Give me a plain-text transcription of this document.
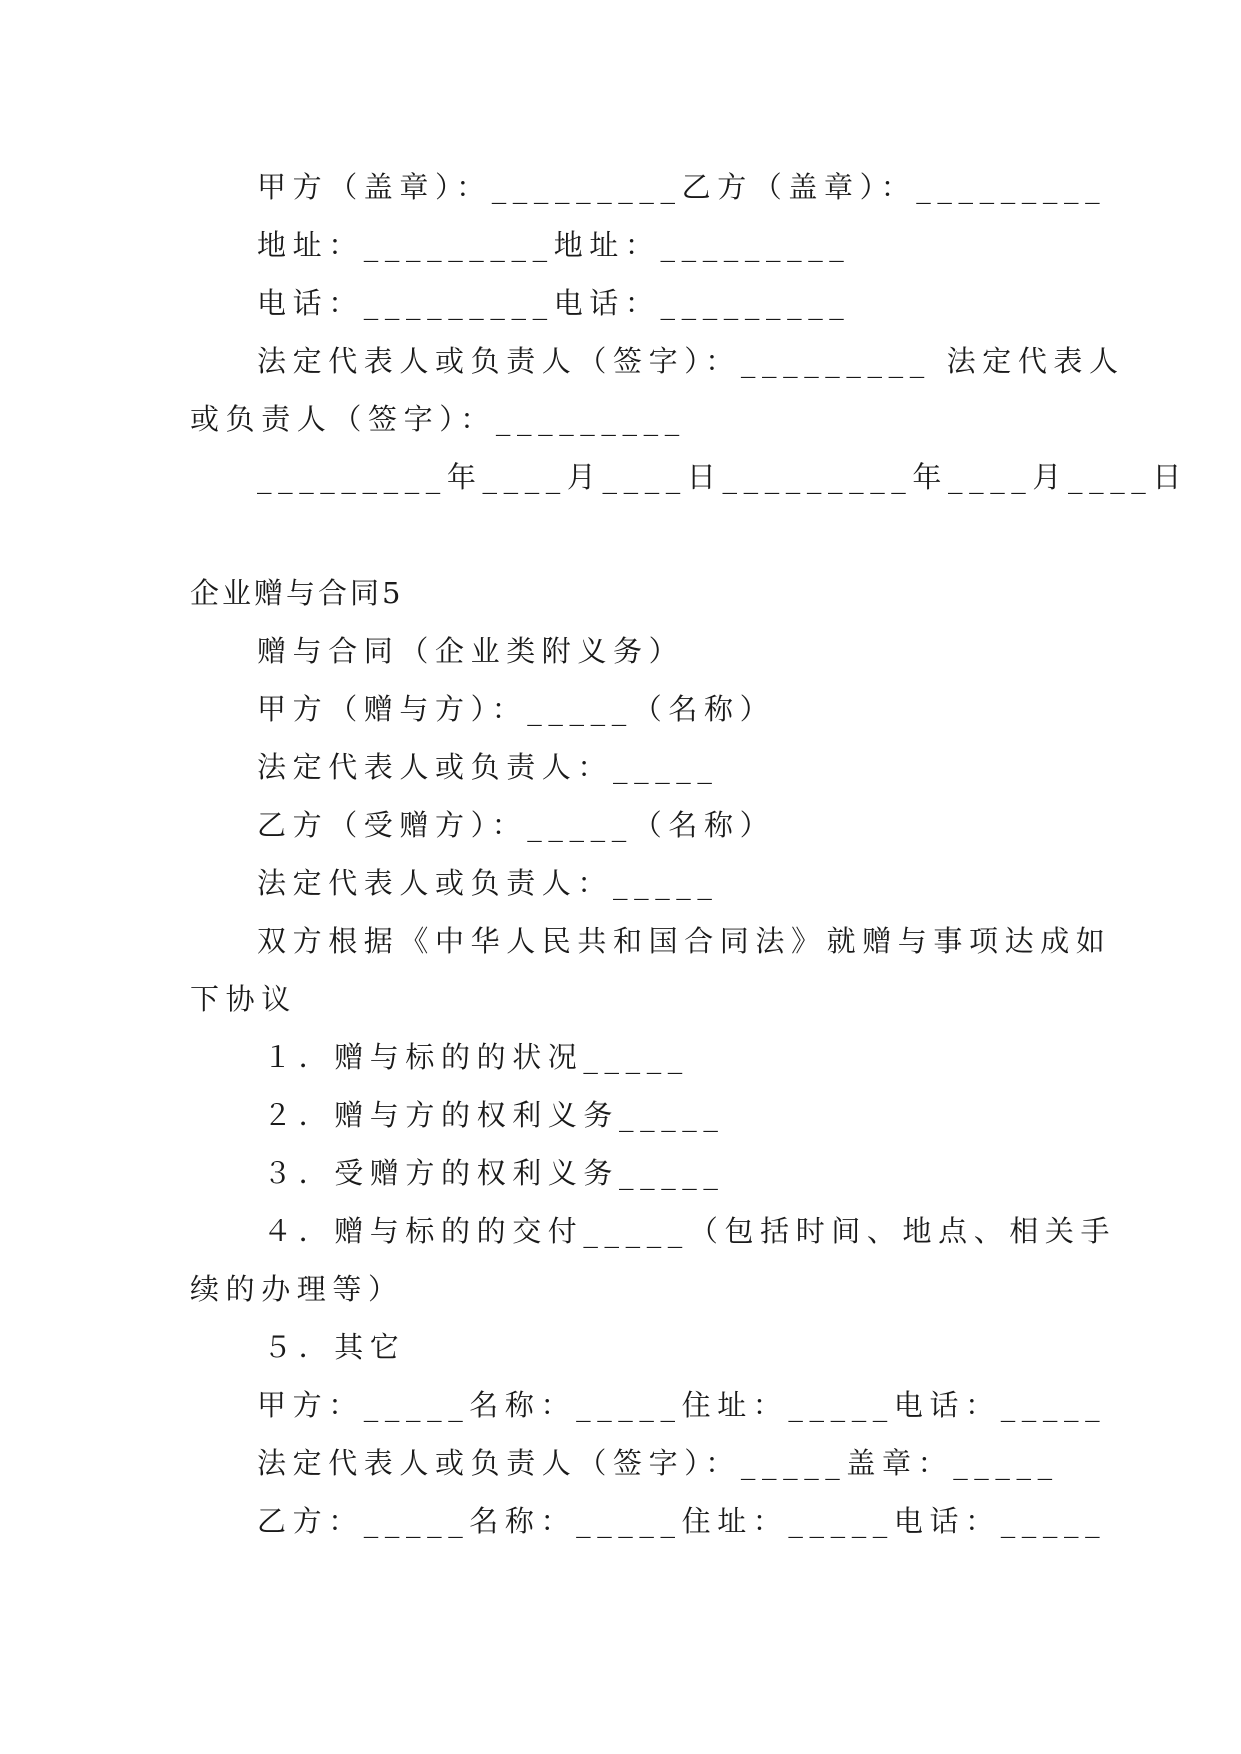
甲方（盖章）：_________乙方（盖章）：_________
地址：_________地址：_________
电话：_________电话：_________
法定代表人或负责人（签字）：_________ 法定代表人
或负责人（签字）：_________
_________年____月____日_________年____月____日
企业赠与合同5
赠与合同（企业类附义务）
甲方（赠与方）：_____（名称）
法定代表人或负责人：_____
乙方（受赠方）：_____（名称）
法定代表人或负责人：_____
双方根据《中华人民共和国合同法》就赠与事项达成如
下协议
１．赠与标的的状况_____
２．赠与方的权利义务_____
３．受赠方的权利义务_____
４．赠与标的的交付_____（包括时间、地点、相关手
续的办理等）
５．其它
甲方：_____名称：_____住址：_____电话：_____
法定代表人或负责人（签字）：_____盖章：_____
乙方：_____名称：_____住址：_____电话：_____
